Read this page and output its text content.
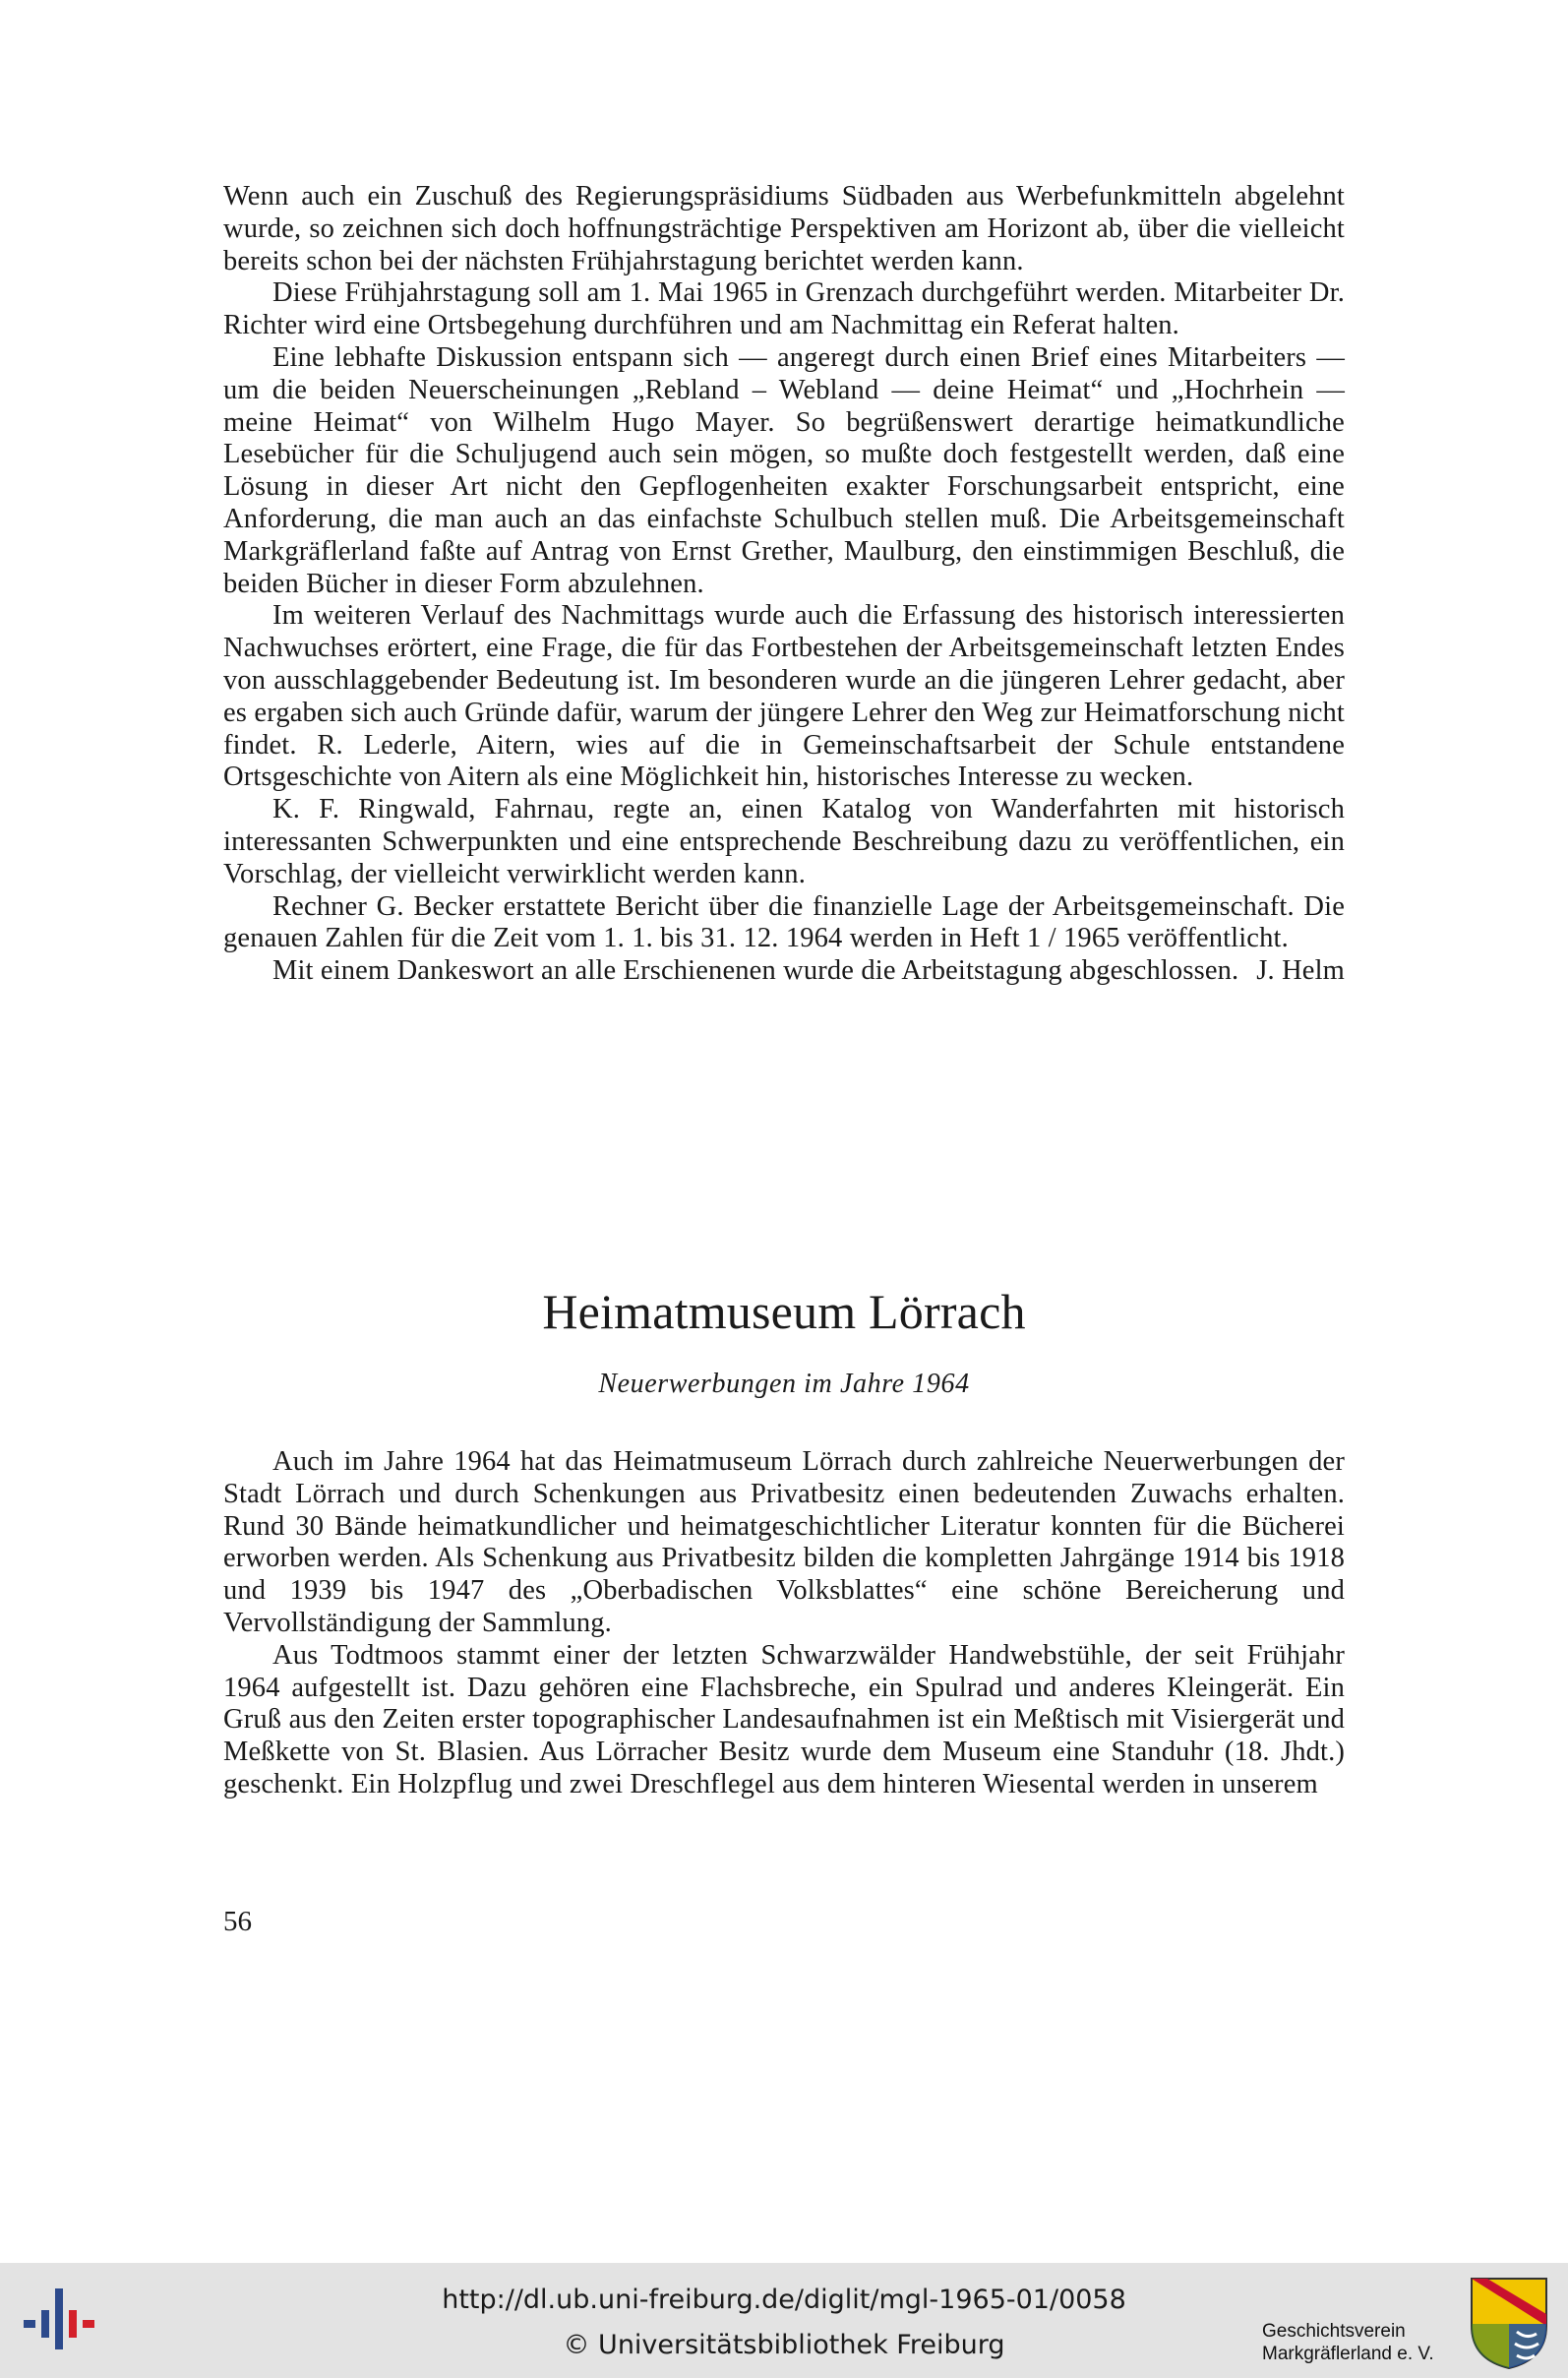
Wenn auch ein Zuschuß des Regierungspräsidiums Südbaden aus Werbefunkmitteln abgelehnt wurde, so zeichnen sich doch hoffnungsträchtige Perspektiven am Horizont ab, über die vielleicht bereits schon bei der nächsten Frühjahrstagung berichtet werden kann.

Diese Frühjahrstagung soll am 1. Mai 1965 in Grenzach durchgeführt werden. Mitarbeiter Dr. Richter wird eine Ortsbegehung durchführen und am Nachmittag ein Referat halten.

Eine lebhafte Diskussion entspann sich — angeregt durch einen Brief eines Mitarbeiters — um die beiden Neuerscheinungen „Rebland – Webland — deine Heimat“ und „Hochrhein — meine Heimat“ von Wilhelm Hugo Mayer. So begrüßenswert derartige heimatkundliche Lesebücher für die Schuljugend auch sein mögen, so mußte doch festgestellt werden, daß eine Lösung in dieser Art nicht den Gepflogenheiten exakter Forschungsarbeit entspricht, eine Anforderung, die man auch an das einfachste Schulbuch stellen muß. Die Arbeitsgemeinschaft Markgräflerland faßte auf Antrag von Ernst Grether, Maulburg, den einstimmigen Beschluß, die beiden Bücher in dieser Form abzulehnen.

Im weiteren Verlauf des Nachmittags wurde auch die Erfassung des historisch interessierten Nachwuchses erörtert, eine Frage, die für das Fortbestehen der Arbeitsgemeinschaft letzten Endes von ausschlaggebender Bedeutung ist. Im besonderen wurde an die jüngeren Lehrer gedacht, aber es ergaben sich auch Gründe dafür, warum der jüngere Lehrer den Weg zur Heimatforschung nicht findet. R. Lederle, Aitern, wies auf die in Gemeinschaftsarbeit der Schule entstandene Ortsgeschichte von Aitern als eine Möglichkeit hin, historisches Interesse zu wecken.

K. F. Ringwald, Fahrnau, regte an, einen Katalog von Wanderfahrten mit historisch interessanten Schwerpunkten und eine entsprechende Beschreibung dazu zu veröffentlichen, ein Vorschlag, der vielleicht verwirklicht werden kann.

Rechner G. Becker erstattete Bericht über die finanzielle Lage der Arbeitsgemeinschaft. Die genauen Zahlen für die Zeit vom 1. 1. bis 31. 12. 1964 werden in Heft 1 / 1965 veröffentlicht.

Mit einem Dankeswort an alle Erschienenen wurde die Arbeitstagung abgeschlossen. J. Helm

Heimatmuseum Lörrach

Neuerwerbungen im Jahre 1964

Auch im Jahre 1964 hat das Heimatmuseum Lörrach durch zahlreiche Neuerwerbungen der Stadt Lörrach und durch Schenkungen aus Privatbesitz einen bedeutenden Zuwachs erhalten. Rund 30 Bände heimatkundlicher und heimatgeschichtlicher Literatur konnten für die Bücherei erworben werden. Als Schenkung aus Privatbesitz bilden die kompletten Jahrgänge 1914 bis 1918 und 1939 bis 1947 des „Oberbadischen Volksblattes“ eine schöne Bereicherung und Vervollständigung der Sammlung.

Aus Todtmoos stammt einer der letzten Schwarzwälder Handwebstühle, der seit Frühjahr 1964 aufgestellt ist. Dazu gehören eine Flachsbreche, ein Spulrad und anderes Kleingerät. Ein Gruß aus den Zeiten erster topographischer Landesaufnahmen ist ein Meßtisch mit Visiergerät und Meßkette von St. Blasien. Aus Lörracher Besitz wurde dem Museum eine Standuhr (18. Jhdt.) geschenkt. Ein Holzpflug und zwei Dreschflegel aus dem hinteren Wiesental werden in unserem

56
http://dl.ub.uni-freiburg.de/diglit/mgl-1965-01/0058
© Universitätsbibliothek Freiburg	Geschichtsverein
Markgräflerland e. V.
